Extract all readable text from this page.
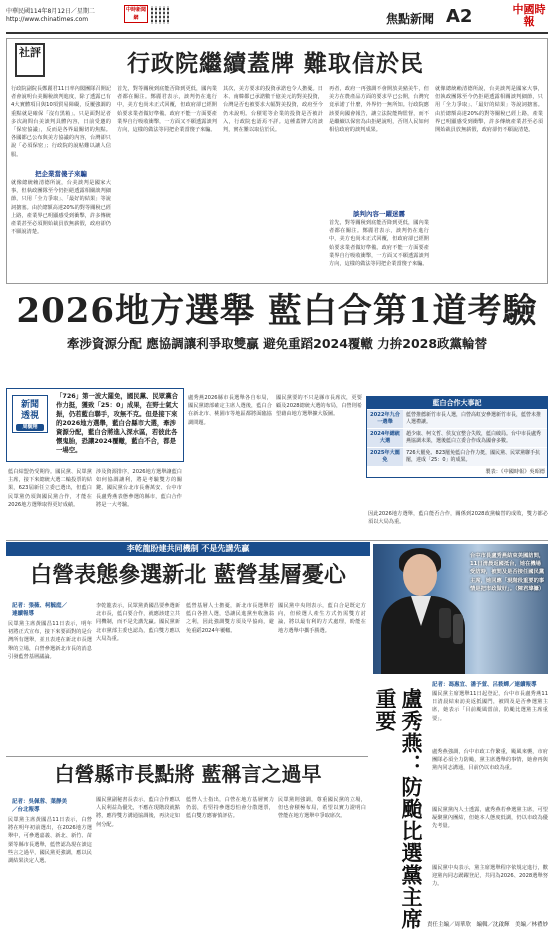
中華民國114年8月12日／星期二
http://www.chinatimes.com
中時新聞網	焦點新聞 A2	中國時報
社評	行政院繼續蓋牌 難取信於民
行政院副院長鄭麗君11日率內閣團隊召開記者會說明台美關稅談判進度，除了透露已有4大實體項目與10項貿易障礙，反覆強調的重點就是確保「沒有黑箱」。只是面對記者多次詢問台美談判具體內容，日前受邀的「保密協議」，反而是各界最關切的焦點。各國都已公布與美方協議的內容，台灣卻只說「必須保密」；行政院的說帖難以讓人信服。
把企業當傻子來騙
就像總統賴清德所說，台美談判是國家大事，但執政團隊至今仍拒絕透露相關談判細節，只用「全力爭取」、「最好的結果」等說詞搪塞。由於總額高達20%的對等關稅已經上路，產業界已明顯感受到衝擊，許多傳統產業甚至必須開始裁員放無薪假，政府卻仍不願說清楚。
首先，對等關稅到底能否降到更低，國內業者都在關注。鄭麗君表示，談判仍在進行中，美方也尚未正式回覆，但政府卻已經開始要求業者做好準備。政府不能一方面要產業界自行吸收衝擊，一方面又不願透露談判方向，這樣的做法等同把企業當傻子來騙。
其次，美方要求的投資承諾也令人擔憂。日本、南韓都已承諾數千億美元的對美投資，台灣是否也被要求大幅對美投資，政府至今仍未說明。台積電等企業的投資是否被計入，行政院也語焉不詳。這種蓋牌式的談判，實在難以取信於民。
再者，政府一再強調不會開放美豬美牛，但美方在農產品方面的要求早已公開，台灣究竟承諾了什麼，外界仍一無所知。行政院應該要向國會報告，讓立法院能夠監督，而不是繼續以保密為由拒絕說明，否則人民如何相信政府的談判成果。
談判內容一躍迷霧
首先，對等關稅到底能否降到更低，國內業者都在關注。鄭麗君表示，談判仍在進行中，美方也尚未正式回覆，但政府卻已經開始要求業者做好準備。政府不能一方面要產業界自行吸收衝擊，一方面又不願透露談判方向，這樣的做法等同把企業當傻子來騙。
就像總統賴清德所說，台美談判是國家大事，但執政團隊至今仍拒絕透露相關談判細節，只用「全力爭取」、「最好的結果」等說詞搪塞。由於總額高達20%的對等關稅已經上路，產業界已明顯感受到衝擊，許多傳統產業甚至必須開始裁員放無薪假，政府卻仍不願說清楚。
2026地方選舉 藍白合第1道考驗
牽涉資源分配 應協調讓利爭取雙贏 避免重蹈2024覆轍 力拚2028政黨輪替
新聞
透視
周毓翔
「726」第一波大罷免，國民黨、民眾黨合作力挺，獲致「25：0」成果，在野士氣大振，仍若藍白聯手，攻無不克。但是接下來的2026地方選舉，藍白合縣市大選，牽涉資源分配，藍白合將進入深水區，若彼此各懷鬼胎，恐讓2024覆轍，藍白不合，都是一場空。
藍白結盟仍受期待。國民黨、民眾黨主席，接下來總統大選二輪投票的結果，623屆新任立委已選出，但藍白民眾黨仍須與國民黨合作，才能在2026地方選舉取得更好成績。
涉及資源排序，2026地方選舉讓藍白如何協調讓利，將是考驗雙方的關鍵。國民黨台北市長蔣萬安、台中市長盧秀燕表態參選的縣市，藍白合作將是一大考驗。
盧秀燕2026縣市長選舉各自布局，國民黨總部確定主席人選後，藍白合在新北市、桃園市等地區都將面臨協調問題。
國民黨要的不只是縣市長席次，更要顧及2028總統大選的布局，白營則希望藉由地方選舉擴大版圖。
藍白合作大事記
2022年九合一選舉
藍營推薦新竹市長人選，白營高虹安參選新竹市長，藍營未推人選禮讓。
2024年總統大選
趙少康、柯文哲、侯友宜整合失敗，藍白破局。台中市長盧秀燕協調未果，選後藍白立委合作成為國會多數。
2025年大罷免
726大罷免、823罷免藍白合作力挺，國民黨、民眾黨聯手抗罷，達成「25：0」的成果。
製表：《中國時報》吳昭德
因此2026地方選舉，藍白能否合作，關係到2028政黨輪替的成敗，雙方都必須以大局為重。
李乾龍盼建共同機制 不是先講先贏
白營表態參選新北 藍營基層憂心
記者：張薇、柯毓庭／連續報導
民眾黨主席黃國昌11日表示，明年初將正式宣布，接下來要面對的是台灣所有選舉，並且表達在新北市長選舉的立場，白營參選新北市長的消息引發藍營基層議論。
李乾龍表示，民眾黨黃國昌要參選新北市長，藍白要合作，就應該建立共同機制，而不是先講先贏。國民黨新北市黨部主委也認為，藍白雙方應以大局為重。
藍營基層人士擔憂，新北市長選舉若藍白各推人選，恐讓民進黨坐收漁翁之利，因此強調雙方須及早協商，避免重蹈2024年覆轍。
國民黨中央則表示，藍白合是既定方向，但候選人產生方式仍需雙方討論，將以最有利的方式處理，盼能在地方選舉中攜手勝選。
白營縣市長點將 藍稱言之過早
記者：吳佩蓉、葉靜美／台北報導
民眾黨主席黃國昌11日表示，白營將在明年初前選出，在2026地方選舉中，可參選嘉義、新北、新竹、苗栗等縣市長選舉，藍營認為現在談這些言之過早，國民黨更強調，應以民調結果決定人選。
國民黨副秘書長表示，藍白合作應以人民利益為優先，不應在現階段就點將，應待雙方溝通協調後，再決定如何分配。
藍營人士指出，白營在地方基層實力仍弱，若堅持參選恐怕會分散選票，藍白雙方應審慎評估。
民眾黨則強調，尊重國民黨的立場，但也會積極布局，希望以實力證明白營能在地方選舉中爭取席次。
台中市長盧秀燕結束美國訪問，11日清晨返國抵台，她在機場受訪時，被問及是否接任國民黨主席，她回應「現階段重要的事情是把市政做好」。（陳君瑋攝）
盧秀燕：防颱比選黨主席重要
記者：馮惠宜、潘予萱、呂筱蟬／連續報導
國民黨主席選舉11日起登記，台中市長盧秀燕11日清晨結束訪美返抵國門，被問及是否參選黨主席，她表示「目前颱風當前，防颱比選黨主席重要」。
盧秀燕強調，台中市政工作繁重，颱風來襲，市府團隊必須全力防颱，黨主席選舉的事情，她會再與黨內同志溝通，目前仍以市政為重。
國民黨黨內人士透露，盧秀燕若參選黨主席，可望凝聚黨內團結，但她本人態度低調，仍以市政為優先考量。
國民黨中央表示，黨主席選舉程序依規定進行，歡迎黨內同志踴躍登記，共同為2026、2028選舉努力。
責任主編／周華欣　編輯／沈啟輝　美編／林禮妙
